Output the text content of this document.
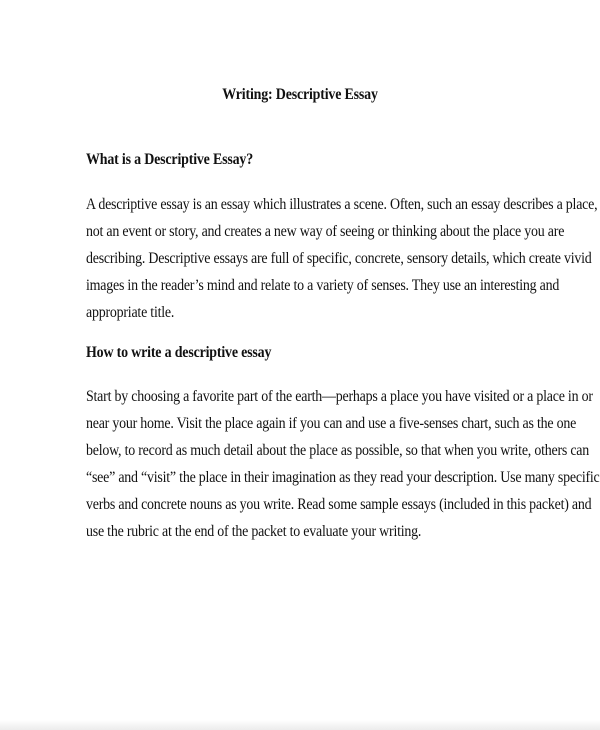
Writing: Descriptive Essay
What is a Descriptive Essay?
A descriptive essay is an essay which illustrates a scene. Often, such an essay describes a place,
not an event or story, and creates a new way of seeing or thinking about the place you are
describing. Descriptive essays are full of specific, concrete, sensory details, which create vivid
images in the reader’s mind and relate to a variety of senses. They use an interesting and
appropriate title.
How to write a descriptive essay
Start by choosing a favorite part of the earth—perhaps a place you have visited or a place in or
near your home. Visit the place again if you can and use a five-senses chart, such as the one
below, to record as much detail about the place as possible, so that when you write, others can
“see” and “visit” the place in their imagination as they read your description. Use many specific
verbs and concrete nouns as you write. Read some sample essays (included in this packet) and
use the rubric at the end of the packet to evaluate your writing.
